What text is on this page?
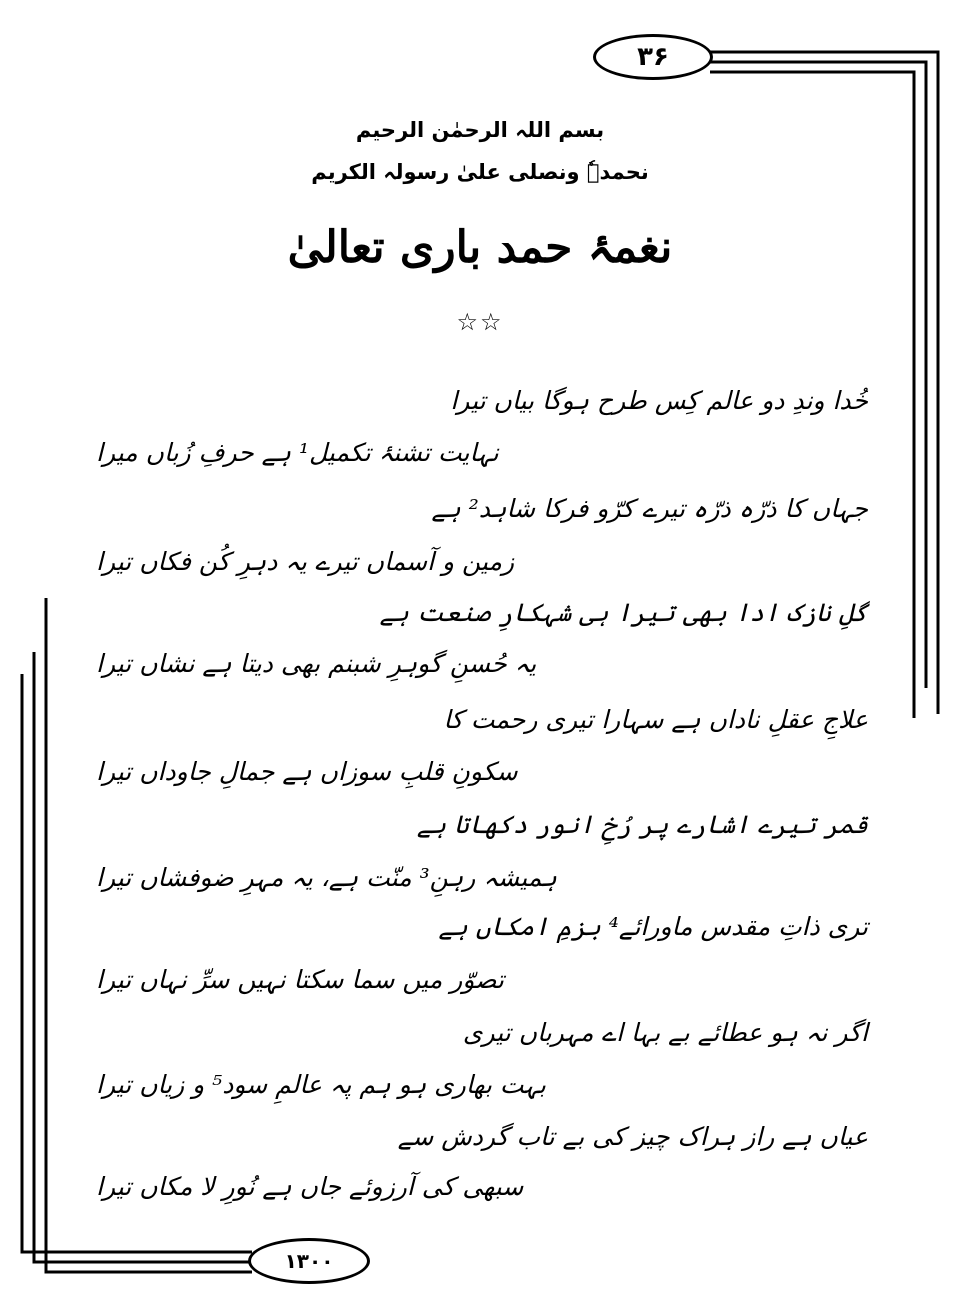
۳۶
بسم اللہ الرحمٰن الرحیم
نحمدہٗ ونصلی علیٰ رسولہ الکریم
نغمۂ حمد باری تعالیٰ
☆☆
خُدا وندِ دو عالم کِس طرح ہوگا بیاں تیرا
نہایت تشنۂ تکمیل¹ ہے حرفِ زُباں میرا
جہاں کا ذرّہ ذرّہ تیرے کرّو فرکا شاہد² ہے
زمین و آسماں تیرے یہ دہرِ کُن فکاں تیرا
گلِ نازک ادا بھی تیرا ہی شہکارِ صنعت ہے
یہ حُسنِ گوہرِ شبنم بھی دیتا ہے نشاں تیرا
علاجِ عقلِ ناداں ہے سہارا تیری رحمت کا
سکونِ قلبِ سوزاں ہے جمالِ جاوداں تیرا
قمر تیرے اشارے پر رُخِ انور دکھاتا ہے
ہمیشہ رہنِ³ منّت ہے، یہ مہرِ ضوفشاں تیرا
تری ذاتِ مقدس ماورائے⁴ بزمِ امکاں ہے
تصوّر میں سما سکتا نہیں سرِّ نہاں تیرا
اگر نہ ہو عطائے بے بہا اے مہرباں تیری
بہت بھاری ہو ہم پہ عالمِ سود⁵ و زیاں تیرا
عیاں ہے راز ہراک چیز کی بے تاب گردش سے
سبھی کی آرزوئے جاں ہے نُورِ لا مکاں تیرا
۱۳۰۰
